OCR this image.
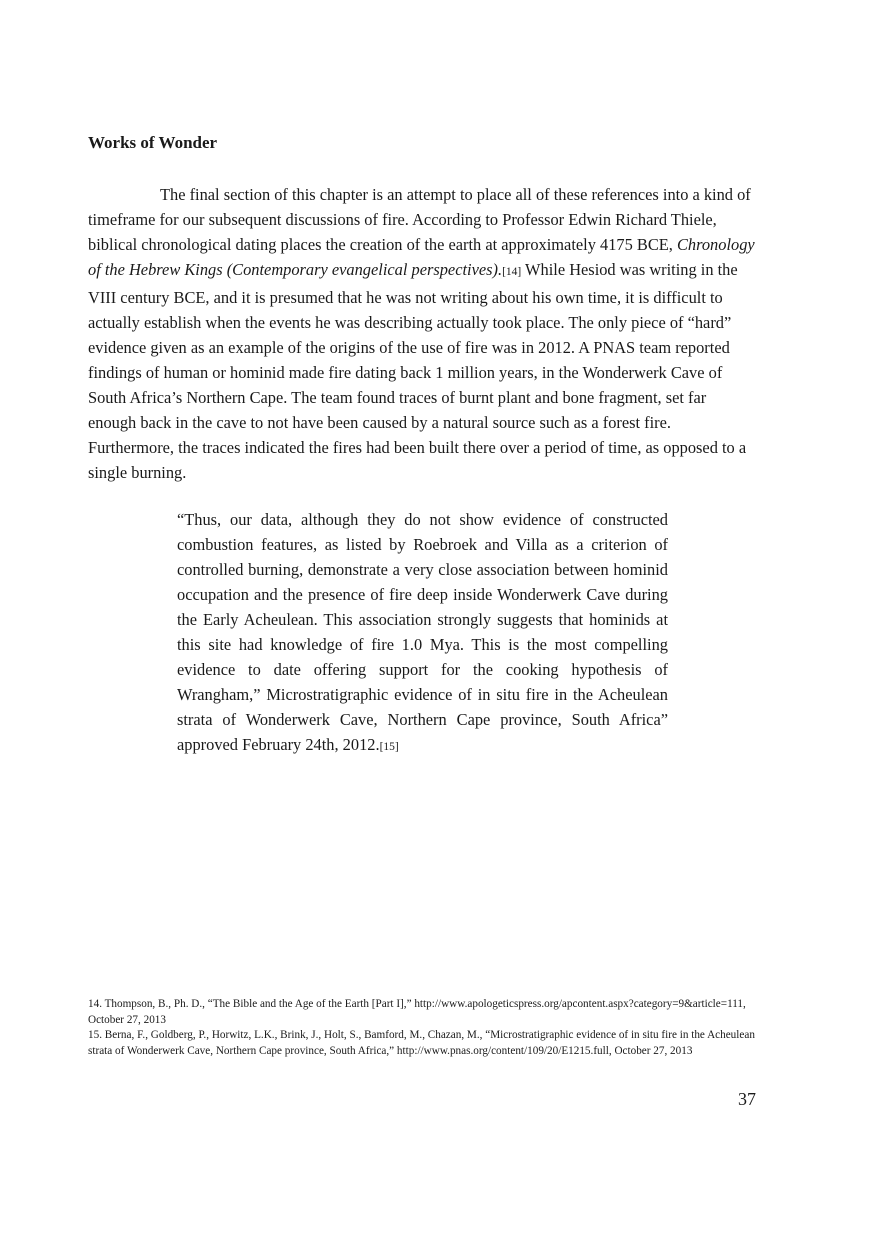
Works of Wonder

The final section of this chapter is an attempt to place all of these references into a kind of timeframe for our subsequent discussions of fire. According to Professor Edwin Richard Thiele, biblical chronological dating places the creation of the earth at approximately 4175 BCE, Chronology of the Hebrew Kings (Contemporary evangelical perspectives).[14] While Hesiod was writing in the VIII century BCE, and it is presumed that he was not writing about his own time, it is difficult to actually establish when the events he was describing actually took place. The only piece of “hard” evidence given as an example of the origins of the use of fire was in 2012. A PNAS team reported findings of human or hominid made fire dating back 1 million years, in the Wonderwerk Cave of South Africa’s Northern Cape. The team found traces of burnt plant and bone fragment, set far enough back in the cave to not have been caused by a natural source such as a forest fire. Furthermore, the traces indicated the fires had been built there over a period of time, as opposed to a single burning.

“Thus, our data, although they do not show evidence of constructed combustion features, as listed by Roebroek and Villa as a criterion of controlled burning, demonstrate a very close association between hominid occupation and the presence of fire deep inside Wonderwerk Cave during the Early Acheulean. This association strongly suggests that hominids at this site had knowledge of fire 1.0 Mya. This is the most compelling evidence to date offering support for the cooking hypothesis of Wrangham,” Microstratigraphic evidence of in situ fire in the Acheulean strata of Wonderwerk Cave, Northern Cape province, South Africa” approved February 24th, 2012.[15]

14. Thompson, B., Ph. D., “The Bible and the Age of the Earth [Part I],” http://www.apologeticspress.org/apcontent.aspx?category=9&article=111, October 27, 2013

15. Berna, F., Goldberg, P., Horwitz, L.K., Brink, J., Holt, S., Bamford, M., Chazan, M., “Microstratigraphic evidence of in situ fire in the Acheulean strata of Wonderwerk Cave, Northern Cape province, South Africa,” http://www.pnas.org/content/109/20/E1215.full, October 27, 2013

37
